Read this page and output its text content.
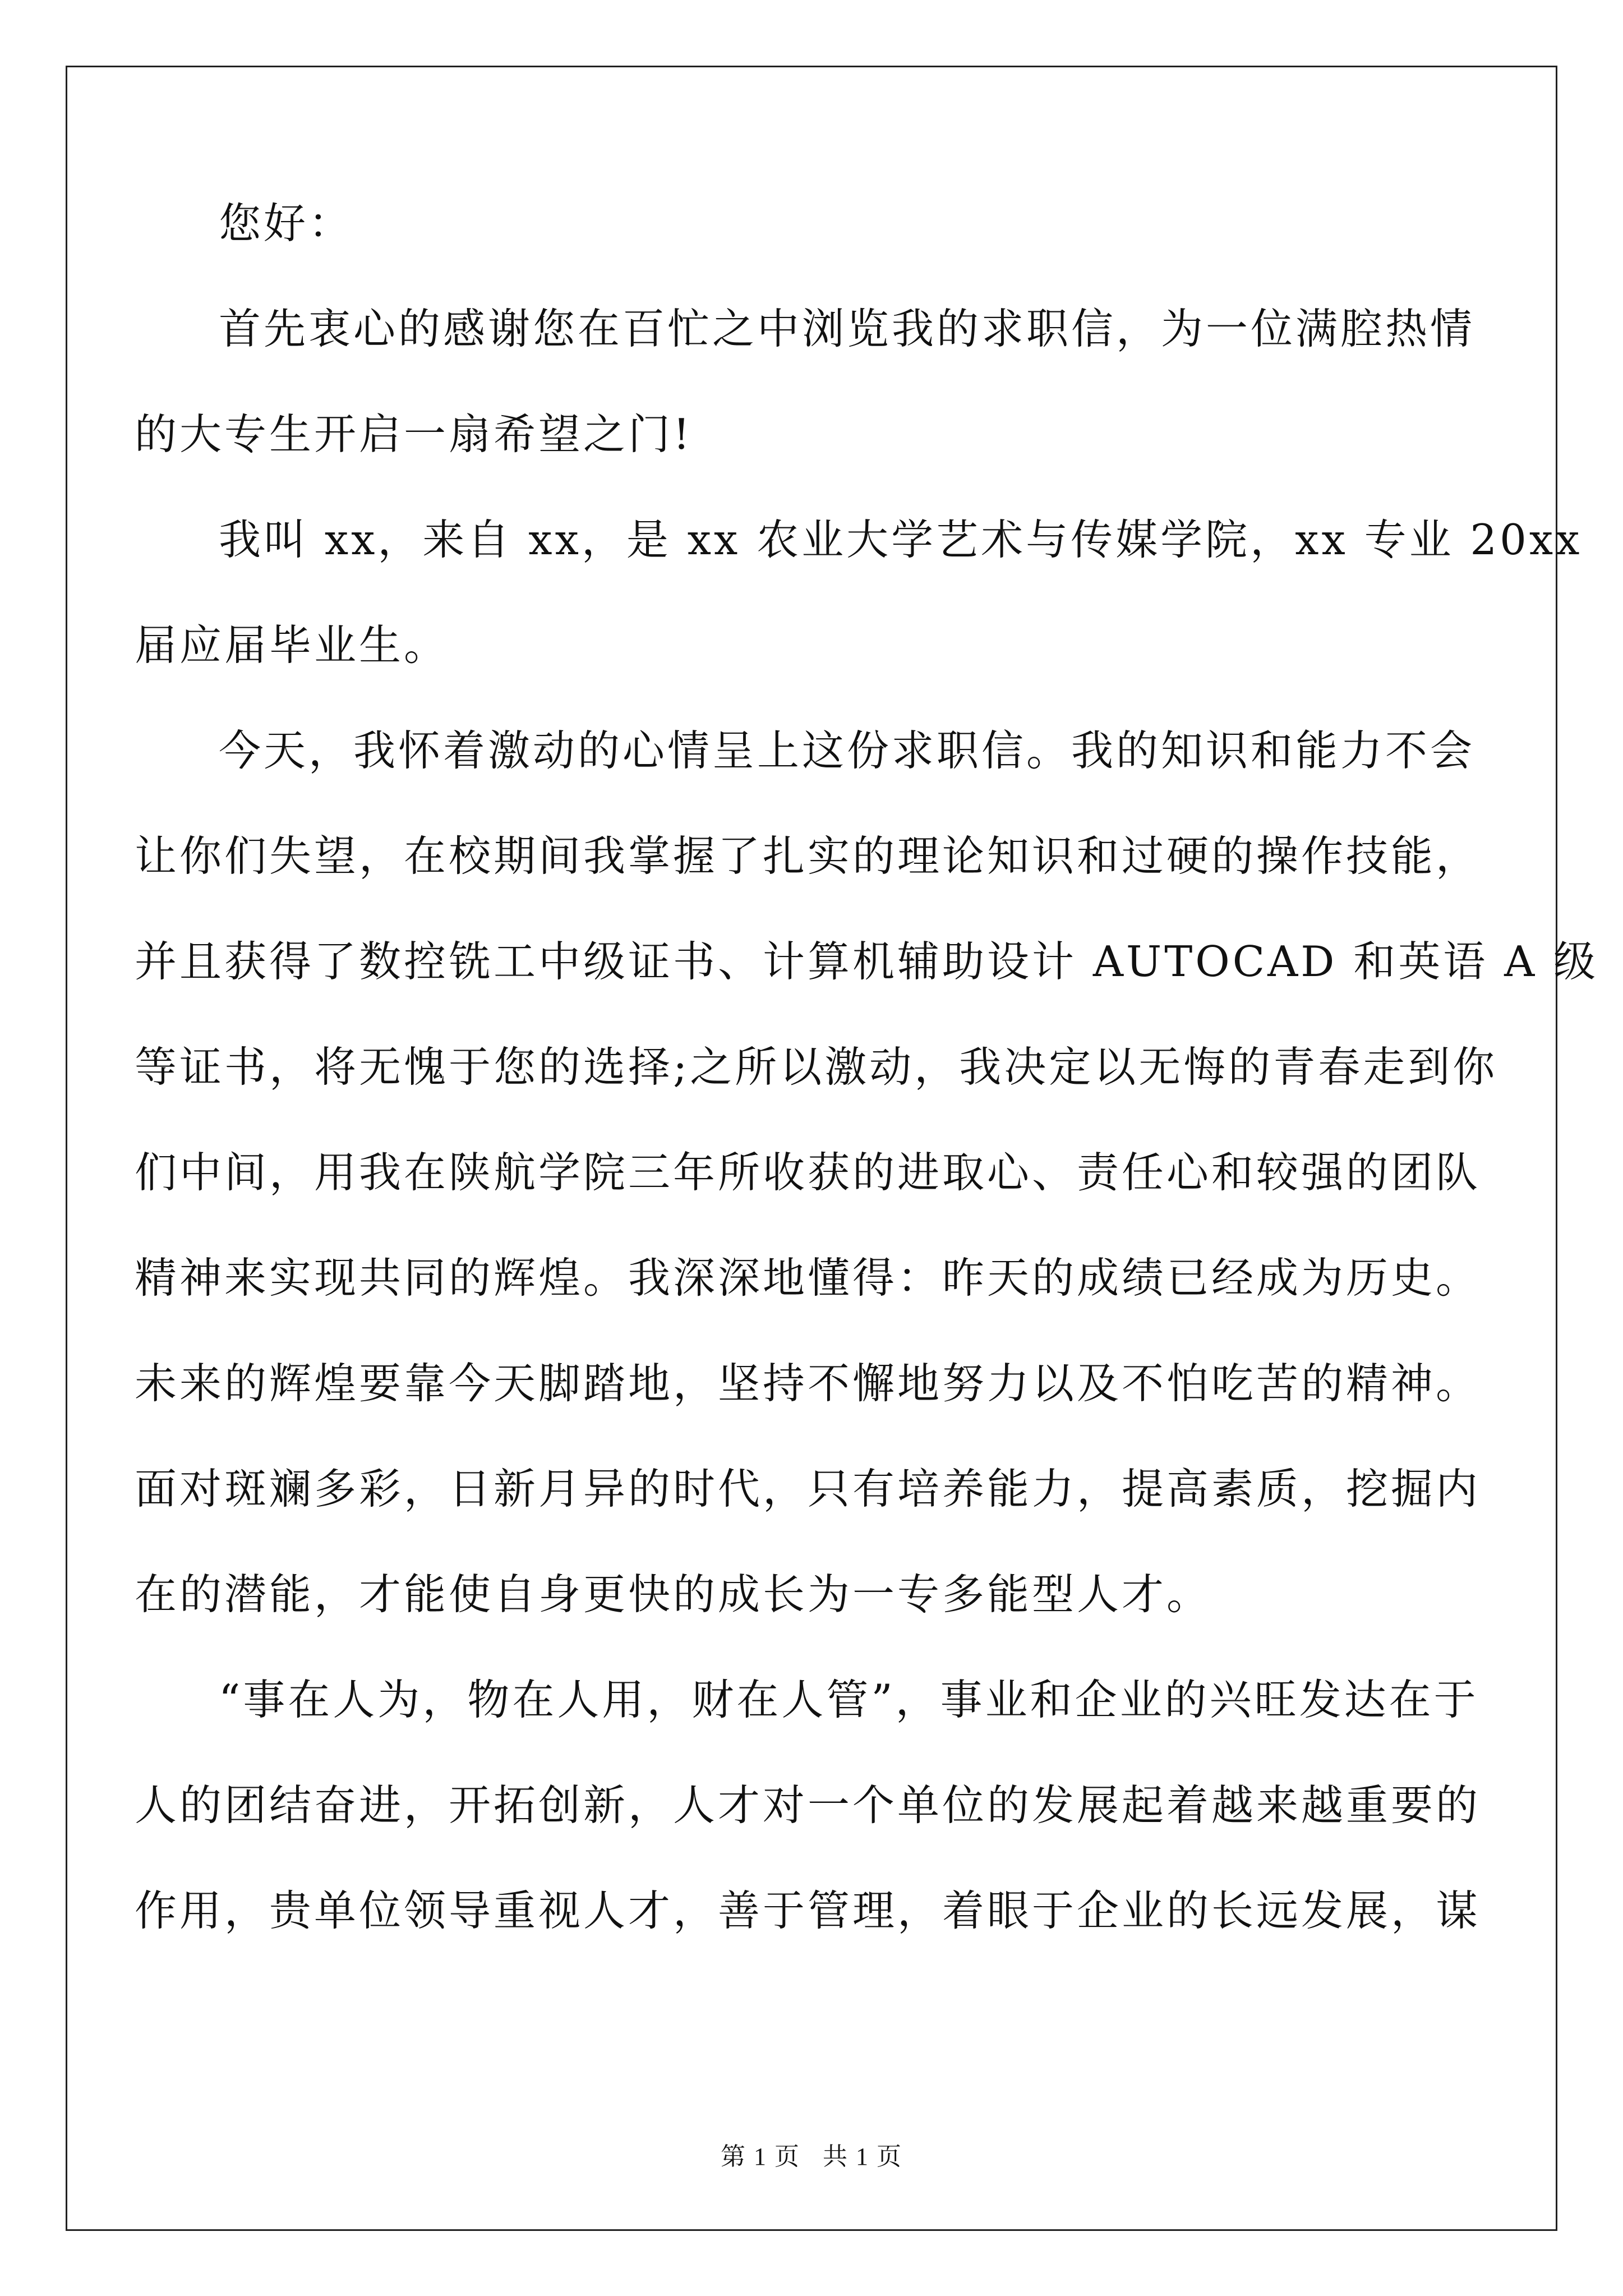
您好：
首先衷心的感谢您在百忙之中浏览我的求职信，为一位满腔热情
的大专生开启一扇希望之门!
我叫 xx，来自 xx，是 xx 农业大学艺术与传媒学院，xx 专业 20xx
届应届毕业生。
今天，我怀着激动的心情呈上这份求职信。我的知识和能力不会
让你们失望，在校期间我掌握了扎实的理论知识和过硬的操作技能，
并且获得了数控铣工中级证书、计算机辅助设计 AUTOCAD 和英语 A 级
等证书，将无愧于您的选择;之所以激动，我决定以无悔的青春走到你
们中间，用我在陕航学院三年所收获的进取心、责任心和较强的团队
精神来实现共同的辉煌。我深深地懂得：昨天的成绩已经成为历史。
未来的辉煌要靠今天脚踏地，坚持不懈地努力以及不怕吃苦的精神。
面对斑斓多彩，日新月异的时代，只有培养能力，提高素质，挖掘内
在的潜能，才能使自身更快的成长为一专多能型人才。
“事在人为，物在人用，财在人管”，事业和企业的兴旺发达在于
人的团结奋进，开拓创新，人才对一个单位的发展起着越来越重要的
作用，贵单位领导重视人才，善于管理，着眼于企业的长远发展，谋
第 1 页 共 1 页
